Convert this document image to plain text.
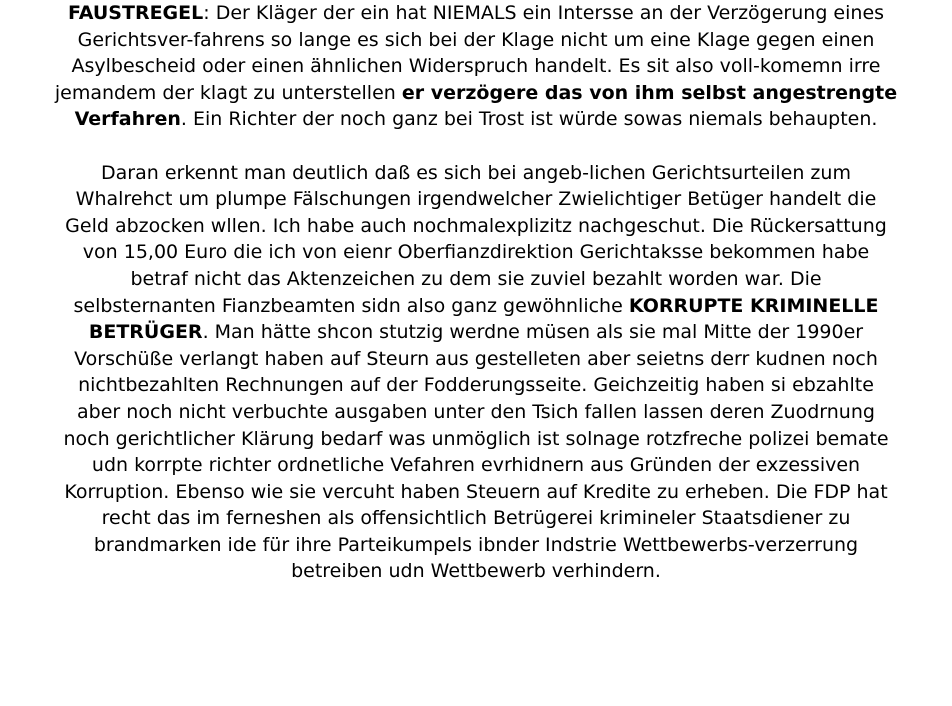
FAUSTREGEL: Der Kläger der ein hat NIEMALS ein Intersse an der Verzögerung eines
Gerichtsver-fahrens so lange es sich bei der Klage nicht um eine Klage gegen einen
Asylbescheid oder einen ähnlichen Widerspruch handelt. Es sit also voll-komemn irre
jemandem der klagt zu unterstellen er verzögere das von ihm selbst angestrengte
Verfahren. Ein Richter der noch ganz bei Trost ist würde sowas niemals behaupten.
Daran erkennt man deutlich daß es sich bei angeb-lichen Gerichtsurteilen zum
Whalrehct um plumpe Fälschungen irgendwelcher Zwielichtiger Betüger handelt die
Geld abzocken wllen. Ich habe auch nochmalexplizitz nachgeschut. Die Rückersattung
von 15,00 Euro die ich von eienr Oberfianzdirektion Gerichtaksse bekommen habe
betraf nicht das Aktenzeichen zu dem sie zuviel bezahlt worden war. Die
selbsternanten Fianzbeamten sidn also ganz gewöhnliche KORRUPTE KRIMINELLE
BETRÜGER. Man hätte shcon stutzig werdne müsen als sie mal Mitte der 1990er
Vorschüße verlangt haben auf Steurn aus gestelleten aber seietns derr kudnen noch
nichtbezahlten Rechnungen auf der Fodderungsseite. Geichzeitig haben si ebzahlte
aber noch nicht verbuchte ausgaben unter den Tsich fallen lassen deren Zuodrnung
noch gerichtlicher Klärung bedarf was unmöglich ist solnage rotzfreche polizei bemate
udn korrpte richter ordnetliche Vefahren evrhidnern aus Gründen der exzessiven
Korruption. Ebenso wie sie vercuht haben Steuern auf Kredite zu erheben. Die FDP hat
recht das im ferneshen als offensichtlich Betrügerei krimineler Staatsdiener zu
brandmarken ide für ihre Parteikumpels ibnder Indstrie Wettbewerbs-verzerrung
betreiben udn Wettbewerb verhindern.
